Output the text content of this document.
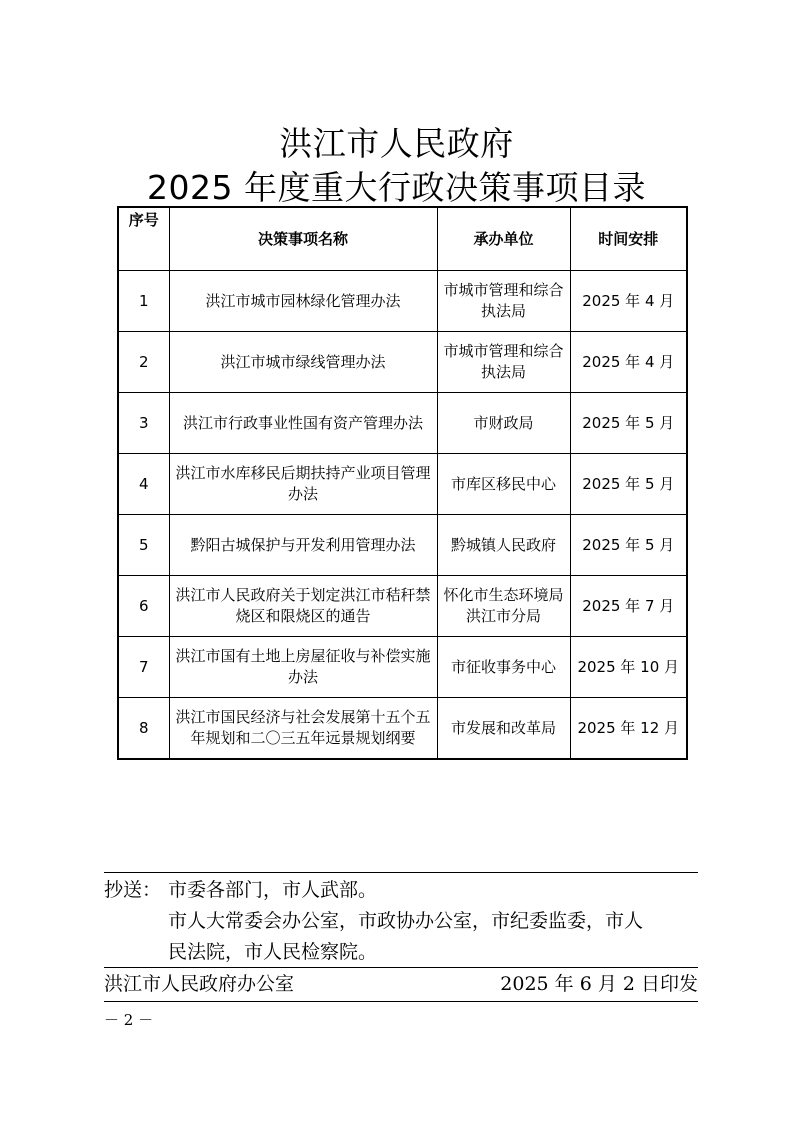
洪江市人民政府
2025 年度重大行政决策事项目录
序号	决策事项名称	承办单位	时间安排
1	洪江市城市园林绿化管理办法	市城市管理和综合执法局	2025 年 4 月
2	洪江市城市绿线管理办法	市城市管理和综合执法局	2025 年 4 月
3	洪江市行政事业性国有资产管理办法	市财政局	2025 年 5 月
4	洪江市水库移民后期扶持产业项目管理办法	市库区移民中心	2025 年 5 月
5	黔阳古城保护与开发利用管理办法	黔城镇人民政府	2025 年 5 月
6	洪江市人民政府关于划定洪江市秸秆禁烧区和限烧区的通告	怀化市生态环境局洪江市分局	2025 年 7 月
7	洪江市国有土地上房屋征收与补偿实施办法	市征收事务中心	2025 年 10 月
8	洪江市国民经济与社会发展第十五个五年规划和二〇三五年远景规划纲要	市发展和改革局	2025 年 12 月
抄送： 市委各部门，市人武部。
市人大常委会办公室，市政协办公室，市纪委监委，市人
民法院，市人民检察院。
洪江市人民政府办公室	2025 年 6 月 2 日印发
－ 2 －
